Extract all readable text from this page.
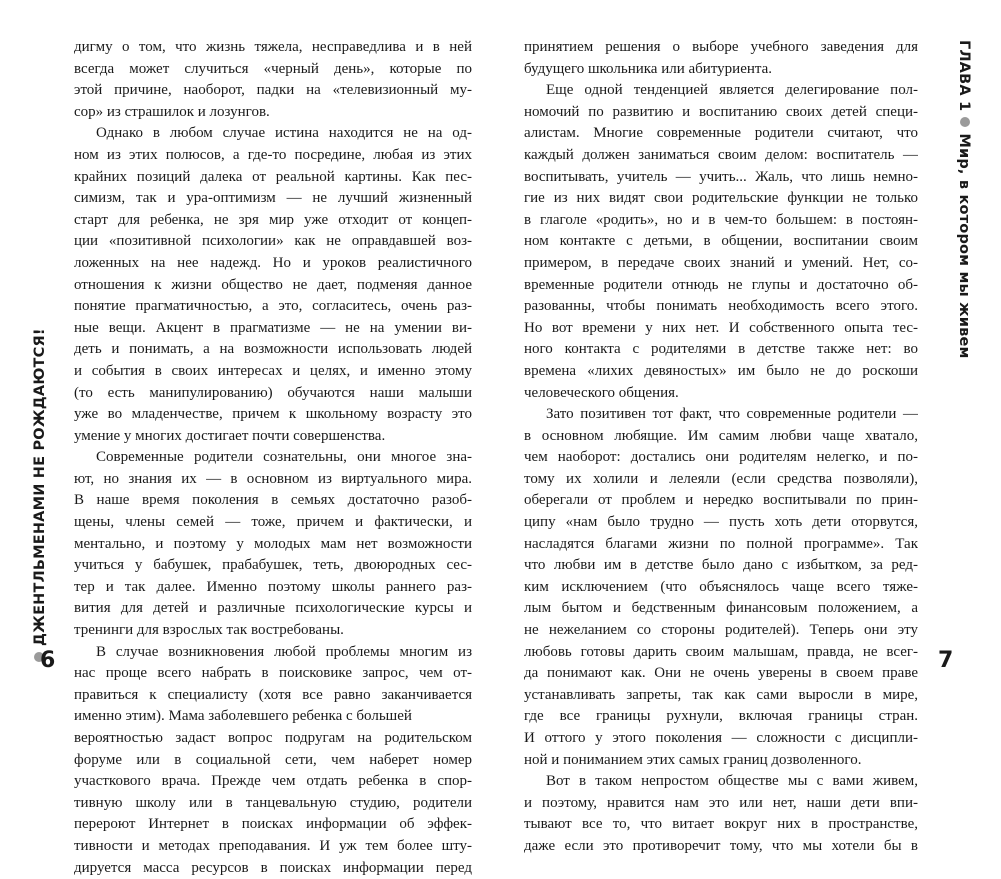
ДЖЕНТЛЬМЕНАМИ НЕ РОЖДАЮТСЯ!
дигму о том, что жизнь тяжела, несправедлива и в ней
всегда может случиться «черный день», которые по
этой причине, наоборот, падки на «телевизионный му-
сор» из страшилок и лозунгов.
Однако в любом случае истина находится не на од-
ном из этих полюсов, а где-то посредине, любая из этих
крайних позиций далека от реальной картины. Как пес-
симизм, так и ура-оптимизм — не лучший жизненный
старт для ребенка, не зря мир уже отходит от концеп-
ции «позитивной психологии» как не оправдавшей воз-
ложенных на нее надежд. Но и уроков реалистичного
отношения к жизни общество не дает, подменяя данное
понятие прагматичностью, а это, согласитесь, очень раз-
ные вещи. Акцент в прагматизме — не на умении ви-
деть и понимать, а на возможности использовать людей
и события в своих интересах и целях, и именно этому
(то есть манипулированию) обучаются наши малыши
уже во младенчестве, причем к школьному возрасту это
умение у многих достигает почти совершенства.
Современные родители сознательны, они многое зна-
ют, но знания их — в основном из виртуального мира.
В наше время поколения в семьях достаточно разоб-
щены, члены семей — тоже, причем и фактически, и
ментально, и поэтому у молодых мам нет возможности
учиться у бабушек, прабабушек, теть, двоюродных сес-
тер и так далее. Именно поэтому школы раннего раз-
вития для детей и различные психологические курсы и
тренинги для взрослых так востребованы.
В случае возникновения любой проблемы многим из
нас проще всего набрать в поисковике запрос, чем от-
правиться к специалисту (хотя все равно заканчивается
именно этим). Мама заболевшего ребенка с большей
вероятностью задаст вопрос подругам на родительском
форуме или в социальной сети, чем наберет номер
участкового врача. Прежде чем отдать ребенка в спор-
тивную школу или в танцевальную студию, родители
перероют Интернет в поисках информации об эффек-
тивности и методах преподавания. И уж тем более шту-
дируется масса ресурсов в поисках информации перед
6
принятием решения о выборе учебного заведения для
будущего школьника или абитуриента.
Еще одной тенденцией является делегирование пол-
номочий по развитию и воспитанию своих детей специ-
алистам. Многие современные родители считают, что
каждый должен заниматься своим делом: воспитатель —
воспитывать, учитель — учить... Жаль, что лишь немно-
гие из них видят свои родительские функции не только
в глаголе «родить», но и в чем-то большем: в постоян-
ном контакте с детьми, в общении, воспитании своим
примером, в передаче своих знаний и умений. Нет, со-
временные родители отнюдь не глупы и достаточно об-
разованны, чтобы понимать необходимость всего этого.
Но вот времени у них нет. И собственного опыта тес-
ного контакта с родителями в детстве также нет: во
времена «лихих девяностых» им было не до роскоши
человеческого общения.
Зато позитивен тот факт, что современные родители —
в основном любящие. Им самим любви чаще хватало,
чем наоборот: достались они родителям нелегко, и по-
тому их холили и лелеяли (если средства позволяли),
оберегали от проблем и нередко воспитывали по прин-
ципу «нам было трудно — пусть хоть дети оторвутся,
насладятся благами жизни по полной программе». Так
что любви им в детстве было дано с избытком, за ред-
ким исключением (что объяснялось чаще всего тяже-
лым бытом и бедственным финансовым положением, а
не нежеланием со стороны родителей). Теперь они эту
любовь готовы дарить своим малышам, правда, не всег-
да понимают как. Они не очень уверены в своем праве
устанавливать запреты, так как сами выросли в мире,
где все границы рухнули, включая границы стран.
И оттого у этого поколения — сложности с дисципли-
ной и пониманием этих самых границ дозволенного.
Вот в таком непростом обществе мы с вами живем,
и поэтому, нравится нам это или нет, наши дети впи-
тывают все то, что витает вокруг них в пространстве,
даже если это противоречит тому, что мы хотели бы в
7
ГЛАВА 1Мир, в котором мы живем
